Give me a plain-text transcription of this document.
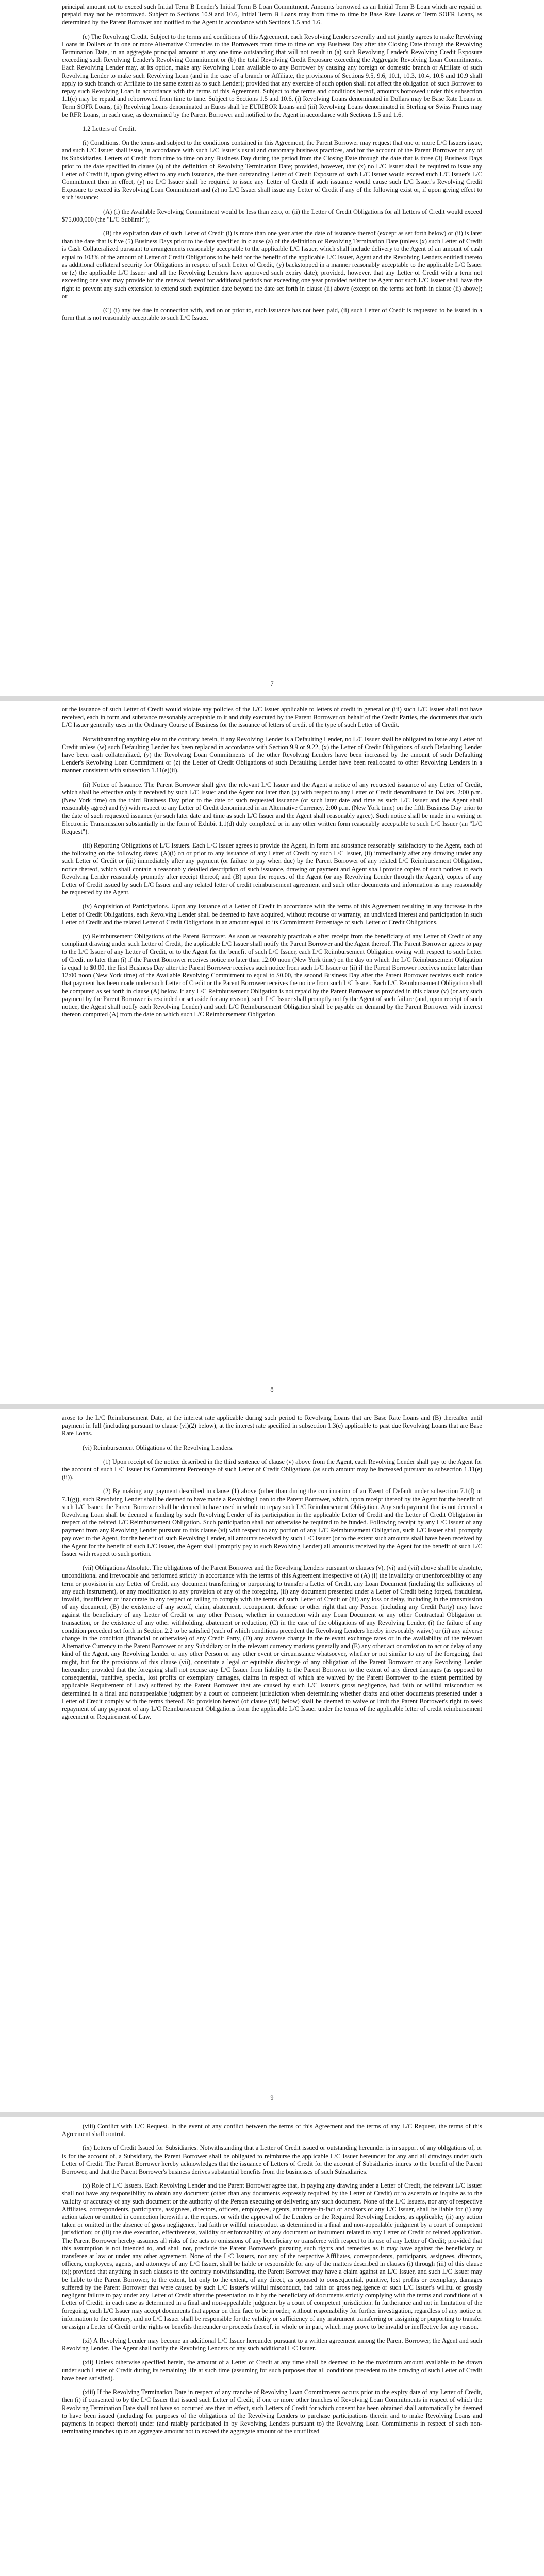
principal amount not to exceed such Initial Term B Lender's Initial Term B Loan Commitment. Amounts borrowed as an Initial Term B Loan which are repaid or prepaid may not be reborrowed. Subject to Sections 10.9 and 10.6, Initial Term B Loans may from time to time be Base Rate Loans or Term SOFR Loans, as determined by the Parent Borrower and notified to the Agent in accordance with Sections 1.5 and 1.6.

(e) The Revolving Credit. Subject to the terms and conditions of this Agreement, each Revolving Lender severally and not jointly agrees to make Revolving Loans in Dollars or in one or more Alternative Currencies to the Borrowers from time to time on any Business Day after the Closing Date through the Revolving Termination Date, in an aggregate principal amount at any one time outstanding that will not result in (a) such Revolving Lender's Revolving Credit Exposure exceeding such Revolving Lender's Revolving Commitment or (b) the total Revolving Credit Exposure exceeding the Aggregate Revolving Loan Commitments. Each Revolving Lender may, at its option, make any Revolving Loan available to any Borrower by causing any foreign or domestic branch or Affiliate of such Revolving Lender to make such Revolving Loan (and in the case of a branch or Affiliate, the provisions of Sections 9.5, 9.6, 10.1, 10.3, 10.4, 10.8 and 10.9 shall apply to such branch or Affiliate to the same extent as to such Lender); provided that any exercise of such option shall not affect the obligation of such Borrower to repay such Revolving Loan in accordance with the terms of this Agreement. Subject to the terms and conditions hereof, amounts borrowed under this subsection 1.1(c) may be repaid and reborrowed from time to time. Subject to Sections 1.5 and 10.6, (i) Revolving Loans denominated in Dollars may be Base Rate Loans or Term SOFR Loans, (ii) Revolving Loans denominated in Euros shall be EURIBOR Loans and (iii) Revolving Loans denominated in Sterling or Swiss Francs may be RFR Loans, in each case, as determined by the Parent Borrower and notified to the Agent in accordance with Sections 1.5 and 1.6.

1.2 Letters of Credit.

(i) Conditions. On the terms and subject to the conditions contained in this Agreement, the Parent Borrower may request that one or more L/C Issuers issue, and such L/C Issuer shall issue, in accordance with such L/C Issuer's usual and customary business practices, and for the account of the Parent Borrower or any of its Subsidiaries, Letters of Credit from time to time on any Business Day during the period from the Closing Date through the date that is three (3) Business Days prior to the date specified in clause (a) of the definition of Revolving Termination Date; provided, however, that (x) no L/C Issuer shall be required to issue any Letter of Credit if, upon giving effect to any such issuance, the then outstanding Letter of Credit Exposure of such L/C Issuer would exceed such L/C Issuer's L/C Commitment then in effect, (y) no L/C Issuer shall be required to issue any Letter of Credit if such issuance would cause such L/C Issuer's Revolving Credit Exposure to exceed its Revolving Loan Commitment and (z) no L/C Issuer shall issue any Letter of Credit if any of the following exist or, if upon giving effect to such issuance:

(A) (i) the Available Revolving Commitment would be less than zero, or (ii) the Letter of Credit Obligations for all Letters of Credit would exceed $75,000,000 (the "L/C Sublimit");

(B) the expiration date of such Letter of Credit (i) is more than one year after the date of issuance thereof (except as set forth below) or (ii) is later than the date that is five (5) Business Days prior to the date specified in clause (a) of the definition of Revolving Termination Date (unless (x) such Letter of Credit is Cash Collateralized pursuant to arrangements reasonably acceptable to the applicable L/C Issuer, which shall include delivery to the Agent of an amount of cash equal to 103% of the amount of Letter of Credit Obligations to be held for the benefit of the applicable L/C Issuer, Agent and the Revolving Lenders entitled thereto as additional collateral security for Obligations in respect of such Letter of Credit, (y) backstopped in a manner reasonably acceptable to the applicable L/C Issuer or (z) the applicable L/C Issuer and all the Revolving Lenders have approved such expiry date); provided, however, that any Letter of Credit with a term not exceeding one year may provide for the renewal thereof for additional periods not exceeding one year provided neither the Agent nor such L/C Issuer shall have the right to prevent any such extension to extend such expiration date beyond the date set forth in clause (ii) above (except on the terms set forth in clause (ii) above); or

(C) (i) any fee due in connection with, and on or prior to, such issuance has not been paid, (ii) such Letter of Credit is requested to be issued in a form that is not reasonably acceptable to such L/C Issuer.

7

or the issuance of such Letter of Credit would violate any policies of the L/C Issuer applicable to letters of credit in general or (iii) such L/C Issuer shall not have received, each in form and substance reasonably acceptable to it and duly executed by the Parent Borrower on behalf of the Credit Parties, the documents that such L/C Issuer generally uses in the Ordinary Course of Business for the issuance of letters of credit of the type of such Letter of Credit.

Notwithstanding anything else to the contrary herein, if any Revolving Lender is a Defaulting Lender, no L/C Issuer shall be obligated to issue any Letter of Credit unless (w) such Defaulting Lender has been replaced in accordance with Section 9.9 or 9.22, (x) the Letter of Credit Obligations of such Defaulting Lender have been cash collateralized, (y) the Revolving Loan Commitments of the other Revolving Lenders have been increased by the amount of such Defaulting Lender's Revolving Loan Commitment or (z) the Letter of Credit Obligations of such Defaulting Lender have been reallocated to other Revolving Lenders in a manner consistent with subsection 1.11(e)(ii).

(ii) Notice of Issuance. The Parent Borrower shall give the relevant L/C Issuer and the Agent a notice of any requested issuance of any Letter of Credit, which shall be effective only if received by such L/C Issuer and the Agent not later than (x) with respect to any Letter of Credit denominated in Dollars, 2:00 p.m. (New York time) on the third Business Day prior to the date of such requested issuance (or such later date and time as such L/C Issuer and the Agent shall reasonably agree) and (y) with respect to any Letter of Credit denominated in an Alternative Currency, 2:00 p.m. (New York time) on the fifth Business Day prior to the date of such requested issuance (or such later date and time as such L/C Issuer and the Agent shall reasonably agree). Such notice shall be made in a writing or Electronic Transmission substantially in the form of Exhibit 1.1(d) duly completed or in any other written form reasonably acceptable to such L/C Issuer (an "L/C Request").

(iii) Reporting Obligations of L/C Issuers. Each L/C Issuer agrees to provide the Agent, in form and substance reasonably satisfactory to the Agent, each of the following on the following dates: (A)(i) on or prior to any issuance of any Letter of Credit by such L/C Issuer, (ii) immediately after any drawing under any such Letter of Credit or (iii) immediately after any payment (or failure to pay when due) by the Parent Borrower of any related L/C Reimbursement Obligation, notice thereof, which shall contain a reasonably detailed description of such issuance, drawing or payment and Agent shall provide copies of such notices to each Revolving Lender reasonably promptly after receipt thereof; and (B) upon the request of the Agent (or any Revolving Lender through the Agent), copies of any Letter of Credit issued by such L/C Issuer and any related letter of credit reimbursement agreement and such other documents and information as may reasonably be requested by the Agent.

(iv) Acquisition of Participations. Upon any issuance of a Letter of Credit in accordance with the terms of this Agreement resulting in any increase in the Letter of Credit Obligations, each Revolving Lender shall be deemed to have acquired, without recourse or warranty, an undivided interest and participation in such Letter of Credit and the related Letter of Credit Obligations in an amount equal to its Commitment Percentage of such Letter of Credit Obligations.

(v) Reimbursement Obligations of the Parent Borrower. As soon as reasonably practicable after receipt from the beneficiary of any Letter of Credit of any compliant drawing under such Letter of Credit, the applicable L/C Issuer shall notify the Parent Borrower and the Agent thereof. The Parent Borrower agrees to pay to the L/C Issuer of any Letter of Credit, or to the Agent for the benefit of such L/C Issuer, each L/C Reimbursement Obligation owing with respect to such Letter of Credit no later than (i) if the Parent Borrower receives notice no later than 12:00 noon (New York time) on the day on which the L/C Reimbursement Obligation is equal to $0.00, the first Business Day after the Parent Borrower receives such notice from such L/C Issuer or (ii) if the Parent Borrower receives notice later than 12:00 noon (New York time) of the Available Revolving Commitment to equal to $0.00, the second Business Day after the Parent Borrower receives such notice that payment has been made under such Letter of Credit or the Parent Borrower receives the notice from such L/C Issuer. Each L/C Reimbursement Obligation shall be computed as set forth in clause (A) below. If any L/C Reimbursement Obligation is not repaid by the Parent Borrower as provided in this clause (v) (or any such payment by the Parent Borrower is rescinded or set aside for any reason), such L/C Issuer shall promptly notify the Agent of such failure (and, upon receipt of such notice, the Agent shall notify each Revolving Lender) and such L/C Reimbursement Obligation shall be payable on demand by the Parent Borrower with interest thereon computed (A) from the date on which such L/C Reimbursement Obligation

8

arose to the L/C Reimbursement Date, at the interest rate applicable during such period to Revolving Loans that are Base Rate Loans and (B) thereafter until payment in full (including pursuant to clause (vi)(2) below), at the interest rate specified in subsection 1.3(c) applicable to past due Revolving Loans that are Base Rate Loans.

(vi) Reimbursement Obligations of the Revolving Lenders.

(1) Upon receipt of the notice described in the third sentence of clause (v) above from the Agent, each Revolving Lender shall pay to the Agent for the account of such L/C Issuer its Commitment Percentage of such Letter of Credit Obligations (as such amount may be increased pursuant to subsection 1.11(e)(ii)).

(2) By making any payment described in clause (1) above (other than during the continuation of an Event of Default under subsection 7.1(f) or 7.1(g)), such Revolving Lender shall be deemed to have made a Revolving Loan to the Parent Borrower, which, upon receipt thereof by the Agent for the benefit of such L/C Issuer, the Parent Borrower shall be deemed to have used in whole to repay such L/C Reimbursement Obligation. Any such payment that is not deemed a Revolving Loan shall be deemed a funding by such Revolving Lender of its participation in the applicable Letter of Credit and the Letter of Credit Obligation in respect of the related L/C Reimbursement Obligation. Such participation shall not otherwise be required to be funded. Following receipt by any L/C Issuer of any payment from any Revolving Lender pursuant to this clause (vi) with respect to any portion of any L/C Reimbursement Obligation, such L/C Issuer shall promptly pay over to the Agent, for the benefit of such Revolving Lender, all amounts received by such L/C Issuer (or to the extent such amounts shall have been received by the Agent for the benefit of such L/C Issuer, the Agent shall promptly pay to such Revolving Lender) all amounts received by the Agent for the benefit of such L/C Issuer with respect to such portion.

(vii) Obligations Absolute. The obligations of the Parent Borrower and the Revolving Lenders pursuant to clauses (v), (vi) and (vii) above shall be absolute, unconditional and irrevocable and performed strictly in accordance with the terms of this Agreement irrespective of (A) (i) the invalidity or unenforceability of any term or provision in any Letter of Credit, any document transferring or purporting to transfer a Letter of Credit, any Loan Document (including the sufficiency of any such instrument), or any modification to any provision of any of the foregoing, (ii) any document presented under a Letter of Credit being forged, fraudulent, invalid, insufficient or inaccurate in any respect or failing to comply with the terms of such Letter of Credit or (iii) any loss or delay, including in the transmission of any document, (B) the existence of any setoff, claim, abatement, recoupment, defense or other right that any Person (including any Credit Party) may have against the beneficiary of any Letter of Credit or any other Person, whether in connection with any Loan Document or any other Contractual Obligation or transaction, or the existence of any other withholding, abatement or reduction, (C) in the case of the obligations of any Revolving Lender, (i) the failure of any condition precedent set forth in Section 2.2 to be satisfied (each of which conditions precedent the Revolving Lenders hereby irrevocably waive) or (ii) any adverse change in the condition (financial or otherwise) of any Credit Party, (D) any adverse change in the relevant exchange rates or in the availability of the relevant Alternative Currency to the Parent Borrower or any Subsidiary or in the relevant currency markets generally and (E) any other act or omission to act or delay of any kind of the Agent, any Revolving Lender or any other Person or any other event or circumstance whatsoever, whether or not similar to any of the foregoing, that might, but for the provisions of this clause (vii), constitute a legal or equitable discharge of any obligation of the Parent Borrower or any Revolving Lender hereunder; provided that the foregoing shall not excuse any L/C Issuer from liability to the Parent Borrower to the extent of any direct damages (as opposed to consequential, punitive, special, lost profits or exemplary damages, claims in respect of which are waived by the Parent Borrower to the extent permitted by applicable Requirement of Law) suffered by the Parent Borrower that are caused by such L/C Issuer's gross negligence, bad faith or willful misconduct as determined in a final and nonappealable judgment by a court of competent jurisdiction when determining whether drafts and other documents presented under a Letter of Credit comply with the terms thereof. No provision hereof (of clause (vii) below) shall be deemed to waive or limit the Parent Borrower's right to seek repayment of any payment of any L/C Reimbursement Obligations from the applicable L/C Issuer under the terms of the applicable letter of credit reimbursement agreement or Requirement of Law.

9

(viii) Conflict with L/C Request. In the event of any conflict between the terms of this Agreement and the terms of any L/C Request, the terms of this Agreement shall control.

(ix) Letters of Credit Issued for Subsidiaries. Notwithstanding that a Letter of Credit issued or outstanding hereunder is in support of any obligations of, or is for the account of, a Subsidiary, the Parent Borrower shall be obligated to reimburse the applicable L/C Issuer hereunder for any and all drawings under such Letter of Credit. The Parent Borrower hereby acknowledges that the issuance of Letters of Credit for the account of Subsidiaries inures to the benefit of the Parent Borrower, and that the Parent Borrower's business derives substantial benefits from the businesses of such Subsidiaries.

(x) Role of L/C Issuers. Each Revolving Lender and the Parent Borrower agree that, in paying any drawing under a Letter of Credit, the relevant L/C Issuer shall not have any responsibility to obtain any document (other than any documents expressly required by the Letter of Credit) or to ascertain or inquire as to the validity or accuracy of any such document or the authority of the Person executing or delivering any such document. None of the L/C Issuers, nor any of respective Affiliates, correspondents, participants, assignees, directors, officers, employees, agents, attorneys-in-fact or advisors of any L/C Issuer, shall be liable for (i) any action taken or omitted in connection herewith at the request or with the approval of the Lenders or the Required Revolving Lenders, as applicable; (ii) any action taken or omitted in the absence of gross negligence, bad faith or willful misconduct as determined in a final and non-appealable judgment by a court of competent jurisdiction; or (iii) the due execution, effectiveness, validity or enforceability of any document or instrument related to any Letter of Credit or related application. The Parent Borrower hereby assumes all risks of the acts or omissions of any beneficiary or transferee with respect to its use of any Letter of Credit; provided that this assumption is not intended to, and shall not, preclude the Parent Borrower's pursuing such rights and remedies as it may have against the beneficiary or transferee at law or under any other agreement. None of the L/C Issuers, nor any of the respective Affiliates, correspondents, participants, assignees, directors, officers, employees, agents, and attorneys of any L/C Issuer, shall be liable or responsible for any of the matters described in clauses (i) through (iii) of this clause (x); provided that anything in such clauses to the contrary notwithstanding, the Parent Borrower may have a claim against an L/C Issuer, and such L/C Issuer may be liable to the Parent Borrower, to the extent, but only to the extent, of any direct, as opposed to consequential, punitive, lost profits or exemplary, damages suffered by the Parent Borrower that were caused by such L/C Issuer's willful misconduct, bad faith or gross negligence or such L/C Issuer's willful or grossly negligent failure to pay under any Letter of Credit after the presentation to it by the beneficiary of documents strictly complying with the terms and conditions of a Letter of Credit, in each case as determined in a final and non-appealable judgment by a court of competent jurisdiction. In furtherance and not in limitation of the foregoing, each L/C Issuer may accept documents that appear on their face to be in order, without responsibility for further investigation, regardless of any notice or information to the contrary, and no L/C Issuer shall be responsible for the validity or sufficiency of any instrument transferring or assigning or purporting to transfer or assign a Letter of Credit or the rights or benefits thereunder or proceeds thereof, in whole or in part, which may prove to be invalid or ineffective for any reason.

(xi) A Revolving Lender may become an additional L/C Issuer hereunder pursuant to a written agreement among the Parent Borrower, the Agent and such Revolving Lender. The Agent shall notify the Revolving Lenders of any such additional L/C Issuer.

(xii) Unless otherwise specified herein, the amount of a Letter of Credit at any time shall be deemed to be the maximum amount available to be drawn under such Letter of Credit during its remaining life at such time (assuming for such purposes that all conditions precedent to the drawing of such Letter of Credit have been satisfied).

(xiii) If the Revolving Termination Date in respect of any tranche of Revolving Loan Commitments occurs prior to the expiry date of any Letter of Credit, then (i) if consented to by the L/C Issuer that issued such Letter of Credit, if one or more other tranches of Revolving Loan Commitments in respect of which the Revolving Termination Date shall not have so occurred are then in effect, such Letters of Credit for which consent has been obtained shall automatically be deemed to have been issued (including for purposes of the obligations of the Revolving Lenders to purchase participations therein and to make Revolving Loans and payments in respect thereof) under (and ratably participated in by Revolving Lenders pursuant to) the Revolving Loan Commitments in respect of such non-terminating tranches up to an aggregate amount not to exceed the aggregate amount of the unutilized
